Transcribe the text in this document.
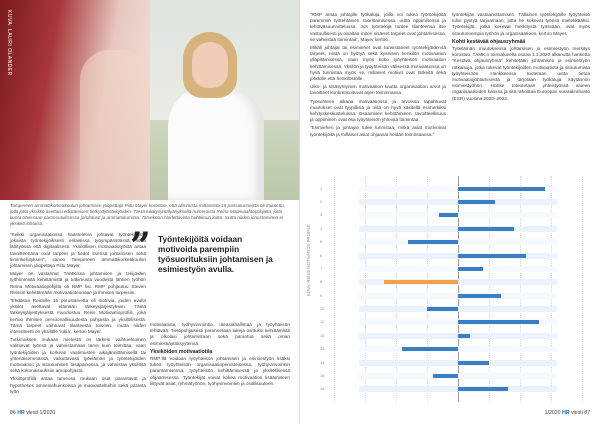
KUVA: LAURI OLANDER
Tampereen ammattikorkeakoulun johtamisen yliopettaja Piitu Mayer korostaa, että alimmista mittareista 15 pansatunneista oli muutettu, jolla jotta yksikkö asettaisi edistämisen tietkystyöntekijöiden. Tästä tukikysyntälyänyksellä numeroista Reina Matinvaahtopohjalta, jotta kunta ohessaan paronoutuilisessa johdatusti ja ammatoitumista. Tarvekoon hoidettavista huhtikuun kulta, mutta niiden innostaminen ei yksikkö lohtaisa.

”Keikki organisaatiossa haasteletva johtavat työntekijöistä jokaista työntekijöiksesti erilaisissa työympäristöissä, sekä lähityössä että digitaalisesti. Yksilöllisen motivaatiotyöstä antaa tavoitteenana ovat tarpeet ja tiedot itsensä johtamisen sekä tiiminkehityksen”, sanoo Tampereen ammattikorkeakoulun johtamisen yliopettaja Piitu Mayer.

Mayer on vastannut TAMKissa johtamisen ja tekijöiden työhimmistä kehittämistä ja tutkimusta vuodesta lähtien työhön Reina Motivaatiopohjilta oli RMP lisi. RMP pohjautuu Steven Reissin kehittämään motivaatioteoriaan ja ihmisen tarpeisiin.

”Ehdassa Reissille 16 perustarvetta eli motiivia, joiden avulla yksilöt asettavat elämään tärkeysjärjestyksen. Tästä tärkeysjärjestyksestä muodostuu Reiss Motivaatioprofiili, joka kertoo ihmisen persoonallisuudesta pohjaista ja yksilöllisestä. Tämä tarpeet vaihtuvat tilanteesta toiseen, mutta niiden intensiteetti on yksilölle ‘lukia’, kertoo Mayer.

Tutkimuksen mukaan mielestä on tärkein vaihtoehtoinen valitsevat työnsä ja vahvistamaan tarve kuin toimittaa, vaan työntekijöiden ja korkean vaatimusten aikajännittämisellä tai yhtenäisemmässä, vaikuttavasti työelämän ja työntekijöiden motivaation ja sitoutumisen tasapainossa, ja vahvistaa yksilöitä sekä kokonaisuuksiin arvopohjasta.

Yksilöprofiilit antaa tarveosa mukaan osat parantavat ja hypotheses amnesiahuinkoissa ja muovasteltuihin sekä parasta työn

” Työntekijöitä voidaan motivoida parempiin työsuorituksiin johtamisen ja esimiestyön avulla.

motivaatiota, työhyvinvointia, uteasiahallintaa ja työyhteisön tehtävää. Tietopohjaisesti parannetaan lukeja osittuksi kehittämistä ja olkolasi johtamistaan sekä parantua sekä oman esimieskäyttöisyytensä.

Yksiköiden motivaatiotila

RMP:llä voidaan työyhteisön johtamisen ja esimiestyön lisäksi tukea työyhteisön organisaatioperusteisessa, työhyvinvoinnin parantamisessa, työyhteisön kehittämisessä ja yksilöllisessä ohjaamisessa. Työntekijät voivat kokea motivaation lisäämiseen liittyvät asiat, ryhmätyöhön, työhyvinvointiin ja osallisuuteen.

86 HR viesti 1/2020

”RMP antaa johtajille työkaluja, joilla voi tukea työntekijöitä paremmin työtehtävien suorittamisessa, uutta oppimisessa ja tehtäväsuunnittelussa. Jos työntekijä tuntee tilanteensa itse vastuullisesti ja oivaltaa miten sisäiset tarpeet ovat johtamisessa, se vahvistaa toimintaa”, Mayer kertoo.

Mikäli johtajat tai esimiehet ovat tunnistaneet työntekijöidensä tarpeet, niistä on hyötyä sekä kyseisen henkilön motivaation ylläpitämisessä, vaan myös koko työyhteisön motivaation kehittämisessä. Yksilön ja työyhteisön välisessä motivaatiossa on hyvä tunnistaa myös se, millaiset motiivit ovat tärkeitä sekä johdolle että henkilöstölle.

Ulko- ja sisäsyntyisen motivaation kautta organisaation arvot ja tavoitteet konkretisoituvat arjen toiminnassa.

Työsuhteen aikana motivaatiossa ja arvoissa tapahtuvat muutokset ovat tyypillisiä ja niitä on hyvä käsitellä esimerkiksi kehityskeskusteluissa. Osaamisen kehittäminen, tavoitteellisuus ja oppiminen ovat osa työyhteisön yhteistä toimintaa.

”Esimiehen ja johtajan tulee tunnistaa, mitkä asiat motivoivat työntekijöitä ja millaiset asiat ohjaavat heidän toimintaansa.”

työntekijän vastaanottamisen. Tällainen työntekijöille työyhteisö tulisi pystyä tarjoamaan, jotta he kokevat työnsä mielekkääksi. Työntekijät, jotka kokevat merkitystä työssään, ovat myös sitoutuneempia työhön ja organisaatioon, kertoo Mayer.

Kohti kestävää ohjausryhmää

Työelämän muutoksessa johtamisen ja esimiestyön merkitys korostuu. TAMK:n toimialueella osana 1.1.2020 alkanutta hanketta ”Kestävä ohjausryhmä” kehitetään johtamisen ja esimiestyön ratkaisuja, jotka tukevat työntekijöiden motivaatiota ja sitoutumista työyhteisöön. Hankkeessa tuotetaan uutta tietoa motivaatiojohtamisesta ja tarjotaan työkaluja käytännön esimiestyöhön. Hanke toteutetaan yhteistyössä alueen organisaatioiden kanssa ja sitä rahoittaa Euroopan sosiaalirahasto (ESR) vuosina 2020–2022.

KUVA: REISS MOTIVATION PROFILE
1
2
3
4
5
6
7
8
9
10
11
12
13
14
15
16
1/2020 HR viesti 87
